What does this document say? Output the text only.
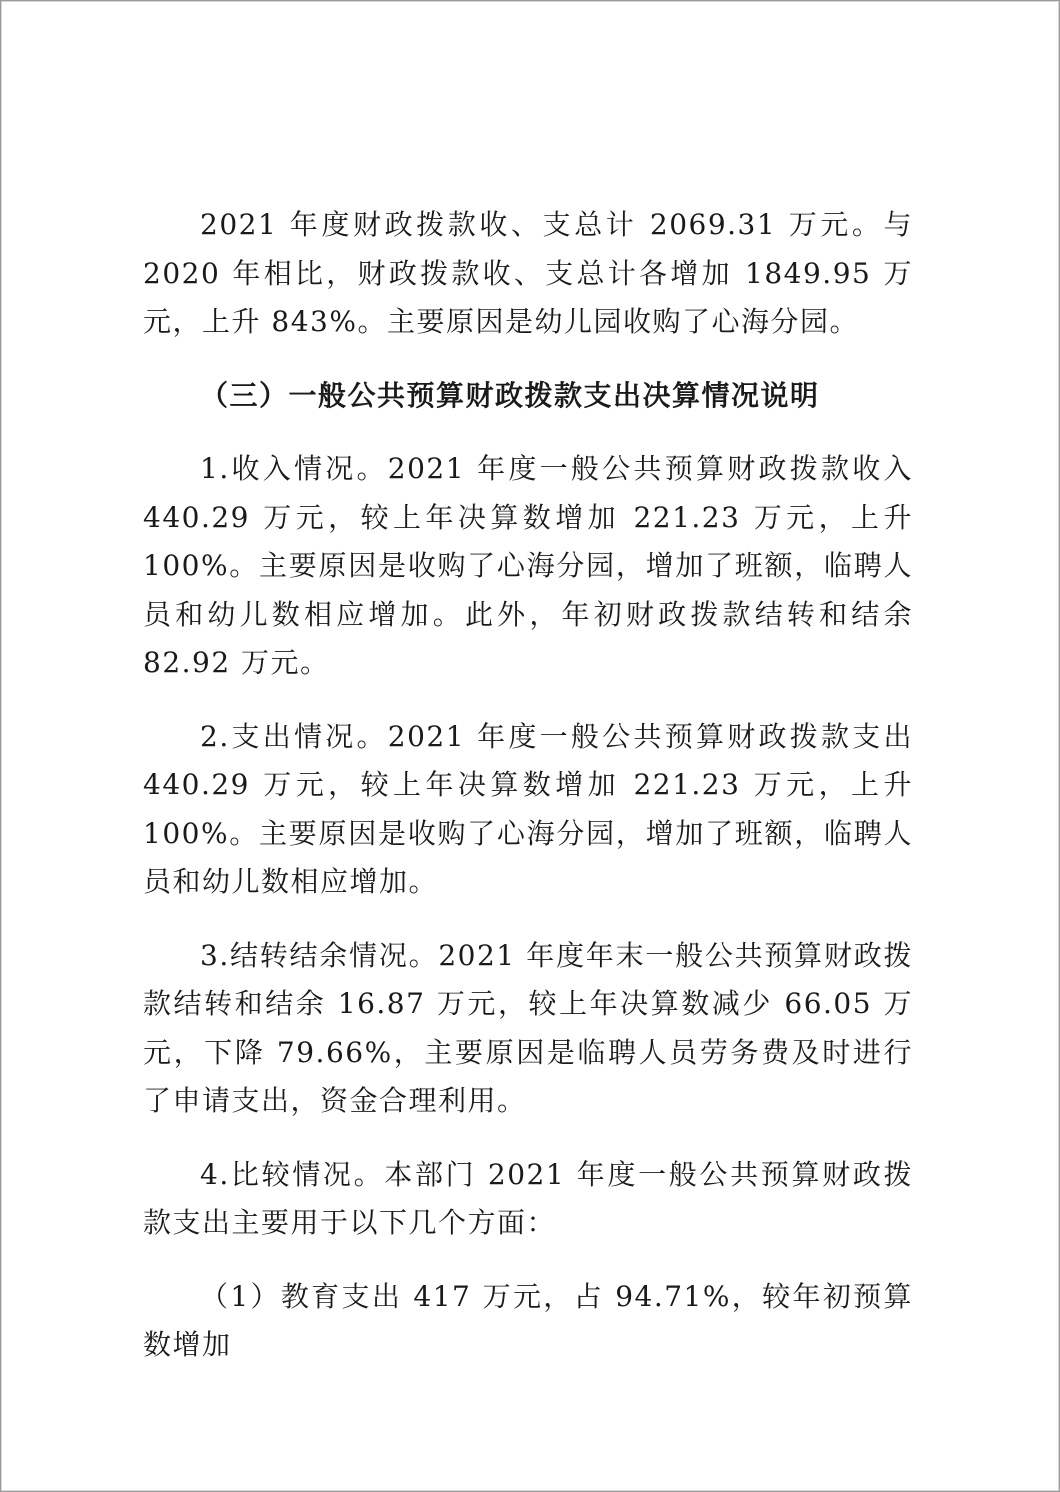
2021 年度财政拨款收、支总计 2069.31 万元。与 2020 年相比，财政拨款收、支总计各增加 1849.95 万元，上升 843%。主要原因是幼儿园收购了心海分园。

（三）一般公共预算财政拨款支出决算情况说明

1.收入情况。2021 年度一般公共预算财政拨款收入 440.29 万元，较上年决算数增加 221.23 万元，上升 100%。主要原因是收购了心海分园，增加了班额，临聘人员和幼儿数相应增加。此外，年初财政拨款结转和结余 82.92 万元。

2.支出情况。2021 年度一般公共预算财政拨款支出 440.29 万元，较上年决算数增加 221.23 万元，上升 100%。主要原因是收购了心海分园，增加了班额，临聘人员和幼儿数相应增加。

3.结转结余情况。2021 年度年末一般公共预算财政拨款结转和结余 16.87 万元，较上年决算数减少 66.05 万元，下降 79.66%，主要原因是临聘人员劳务费及时进行了申请支出，资金合理利用。

4.比较情况。本部门 2021 年度一般公共预算财政拨款支出主要用于以下几个方面：

（1）教育支出 417 万元，占 94.71%，较年初预算数增加
